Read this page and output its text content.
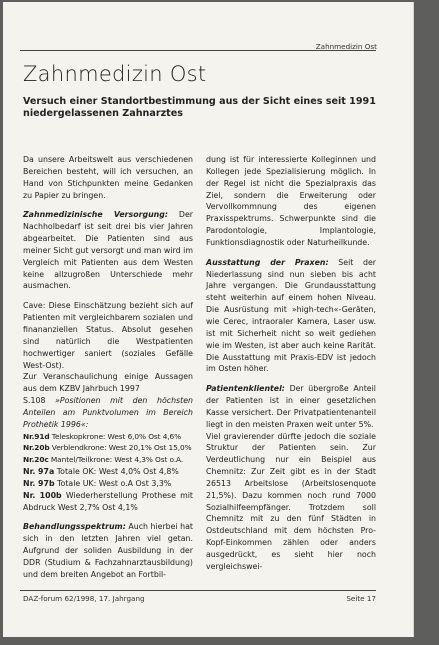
Zahnmedizin Ost
Zahnmedizin Ost
Versuch einer Standortbestimmung aus der Sicht eines seit 1991 niedergelassenen Zahnarztes

Da unsere Arbeitswelt aus verschiedenen Bereichen besteht, will ich versuchen, an Hand von Stichpunkten meine Gedanken zu Papier zu bringen.

Zahnmedizinische Versorgung: Der Nachholbedarf ist seit drei bis vier Jahren abgearbeitet. Die Patienten sind aus meiner Sicht gut versorgt und man wird im Vergleich mit Patienten aus dem Westen keine allzugroßen Unterschiede mehr ausmachen.

Cave: Diese Einschätzung bezieht sich auf Patienten mit vergleichbarem sozialen und finananziellen Status. Absolut gesehen sind natürlich die Westpatienten hochwertiger saniert (soziales Gefälle West-Ost).

Zur Veranschaulichung einige Aussagen aus dem KZBV Jahrbuch 1997

S.108 »Positionen mit den höchsten Anteilen am Punktvolumen im Bereich Prothetik 1996«:

Nr.91d Teleskopkrone: West 6,0% Ost 4,6%
Nr.20b Verblendkrone: West 20,1% Ost 15,0%
Nr.20c Mantel/Teilkrone: West 4,3% Ost o.A.
Nr. 97a Totale OK: West 4,0% Ost 4,8%
Nr. 97b Totale UK: West o.A Ost 3,3%
Nr. 100b Wiederherstellung Prothese mit Abdruck West 2,7% Ost 4,1%

Behandlungsspektrum: Auch hierbei hat sich in den letzten Jahren viel getan. Aufgrund der soliden Ausbildung in der DDR (Studium & Fachzahnarztausbildung) und dem breiten Angebot an Fortbil-

dung ist für interessierte Kolleginnen und Kollegen jede Spezialisierung möglich. In der Regel ist nicht die Spezialpraxis das Ziel, sondern die Erweiterung oder Vervollkommnung des eigenen Praxisspektrums. Schwerpunkte sind die Parodontologie, Implantologie, Funktionsdiagnostik oder Naturheilkunde.

Ausstattung der Praxen: Seit der Niederlassung sind nun sieben bis acht Jahre vergangen. Die Grundausstattung steht weiterhin auf einem hohen Niveau. Die Ausrüstung mit »high-tech«-Geräten, wie Cerec, intraoraler Kamera, Laser usw. ist mit Sicherheit nicht so weit gediehen wie im Westen, ist aber auch keine Rarität. Die Ausstattung mit Praxis-EDV ist jedoch im Osten höher.

Patientenklientel: Der übergroße Anteil der Patienten ist in einer gesetzlichen Kasse versichert. Der Privatpatientenanteil liegt in den meisten Praxen weit unter 5%.

Viel gravierender dürfte jedoch die soziale Struktur der Patienten sein. Zur Verdeutlichung nur ein Beispiel aus Chemnitz: Zur Zeit gibt es in der Stadt 26513 Arbeitslose (Arbeitslosenquote 21,5%). Dazu kommen noch rund 7000 Sozialhilfeempfänger. Trotzdem soll Chemnitz mit zu den fünf Städten in Ostdeutschland mit dem höchsten Pro-Kopf-Einkommen zählen oder anders ausgedrückt, es sieht hier noch vergleichswei-

DAZ-forum 62/1998, 17. Jahrgang	Seite 17
